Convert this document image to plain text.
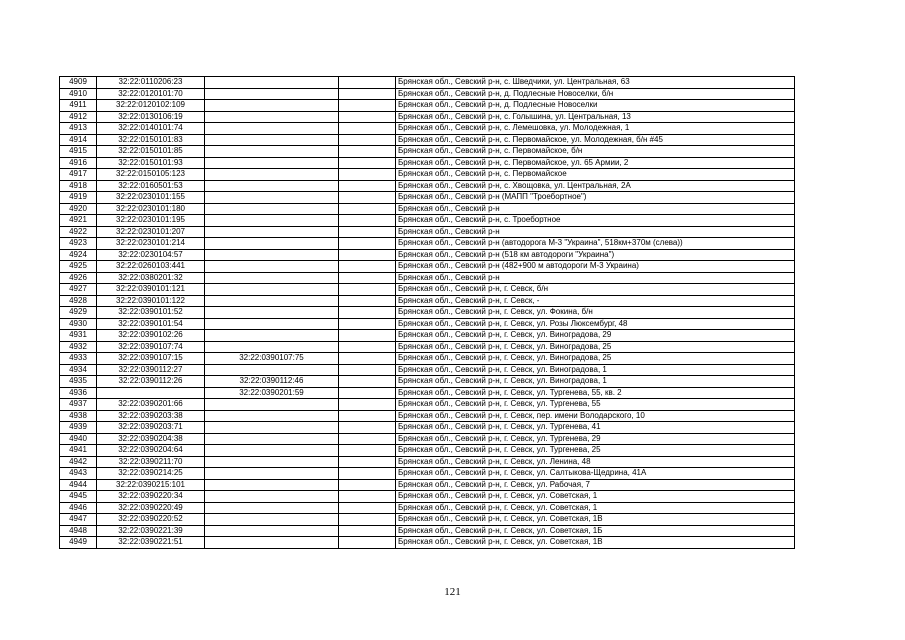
4909	32:22:0110206:23			Брянская обл., Севский р-н, с. Шведчики, ул. Центральная, 63
4910	32:22:0120101:70			Брянская обл., Севский р-н, д. Подлесные Новоселки, б/н
4911	32:22:0120102:109			Брянская обл., Севский р-н, д. Подлесные Новоселки
4912	32:22:0130106:19			Брянская обл., Севский р-н, с. Голышина, ул. Центральная, 13
4913	32:22:0140101:74			Брянская обл., Севский р-н, с. Лемешовка, ул. Молодежная, 1
4914	32:22:0150101:83			Брянская обл., Севский р-н, с. Первомайское, ул. Молодежная, б/н #45
4915	32:22:0150101:85			Брянская обл., Севский р-н, с. Первомайское, б/н
4916	32:22:0150101:93			Брянская обл., Севский р-н, с. Первомайское, ул. 65 Армии, 2
4917	32:22:0150105:123			Брянская обл., Севский р-н, с. Первомайское
4918	32:22:0160501:53			Брянская обл., Севский р-н, с. Хвощовка, ул. Центральная, 2А
4919	32:22:0230101:155			Брянская обл., Севский р-н (МАПП "Троебортное")
4920	32:22:0230101:180			Брянская обл., Севский р-н
4921	32:22:0230101:195			Брянская обл., Севский р-н, с. Троебортное
4922	32:22:0230101:207			Брянская обл., Севский р-н
4923	32:22:0230101:214			Брянская обл., Севский р-н (автодорога М-3 "Украина", 518км+370м (слева))
4924	32:22:0230104:57			Брянская обл., Севский р-н (518 км автодороги "Украина")
4925	32:22:0260103:441			Брянская обл., Севский р-н (482+900 м автодороги М-3 Украина)
4926	32:22:0380201:32			Брянская обл., Севский р-н
4927	32:22:0390101:121			Брянская обл., Севский р-н, г. Севск, б/н
4928	32:22:0390101:122			Брянская обл., Севский р-н, г. Севск, -
4929	32:22:0390101:52			Брянская обл., Севский р-н, г. Севск, ул. Фокина, б/н
4930	32:22:0390101:54			Брянская обл., Севский р-н, г. Севск, ул. Розы Люксембург, 48
4931	32:22:0390102:26			Брянская обл., Севский р-н, г. Севск, ул. Виноградова, 29
4932	32:22:0390107:74			Брянская обл., Севский р-н, г. Севск, ул. Виноградова, 25
4933	32:22:0390107:15	32:22:0390107:75		Брянская обл., Севский р-н, г. Севск, ул. Виноградова, 25
4934	32:22:0390112:27			Брянская обл., Севский р-н, г. Севск, ул. Виноградова, 1
4935	32:22:0390112:26	32:22:0390112:46		Брянская обл., Севский р-н, г. Севск, ул. Виноградова, 1
4936		32:22:0390201:59		Брянская обл., Севский р-н, г. Севск, ул. Тургенева, 55, кв. 2
4937	32:22:0390201:66			Брянская обл., Севский р-н, г. Севск, ул. Тургенева, 55
4938	32:22:0390203:38			Брянская обл., Севский р-н, г. Севск, пер. имени Володарского, 10
4939	32:22:0390203:71			Брянская обл., Севский р-н, г. Севск, ул. Тургенева, 41
4940	32:22:0390204:38			Брянская обл., Севский р-н, г. Севск, ул. Тургенева, 29
4941	32:22:0390204:64			Брянская обл., Севский р-н, г. Севск, ул. Тургенева, 25
4942	32:22:0390211:70			Брянская обл., Севский р-н, г. Севск, ул. Ленина, 48
4943	32:22:0390214:25			Брянская обл., Севский р-н, г. Севск, ул. Салтыкова-Щедрина, 41А
4944	32:22:0390215:101			Брянская обл., Севский р-н, г. Севск, ул. Рабочая, 7
4945	32:22:0390220:34			Брянская обл., Севский р-н, г. Севск, ул. Советская, 1
4946	32:22:0390220:49			Брянская обл., Севский р-н, г. Севск, ул. Советская, 1
4947	32:22:0390220:52			Брянская обл., Севский р-н, г. Севск, ул. Советская, 1В
4948	32:22:0390221:39			Брянская обл., Севский р-н, г. Севск, ул. Советская, 1Б
4949	32:22:0390221:51			Брянская обл., Севский р-н, г. Севск, ул. Советская, 1В
121
